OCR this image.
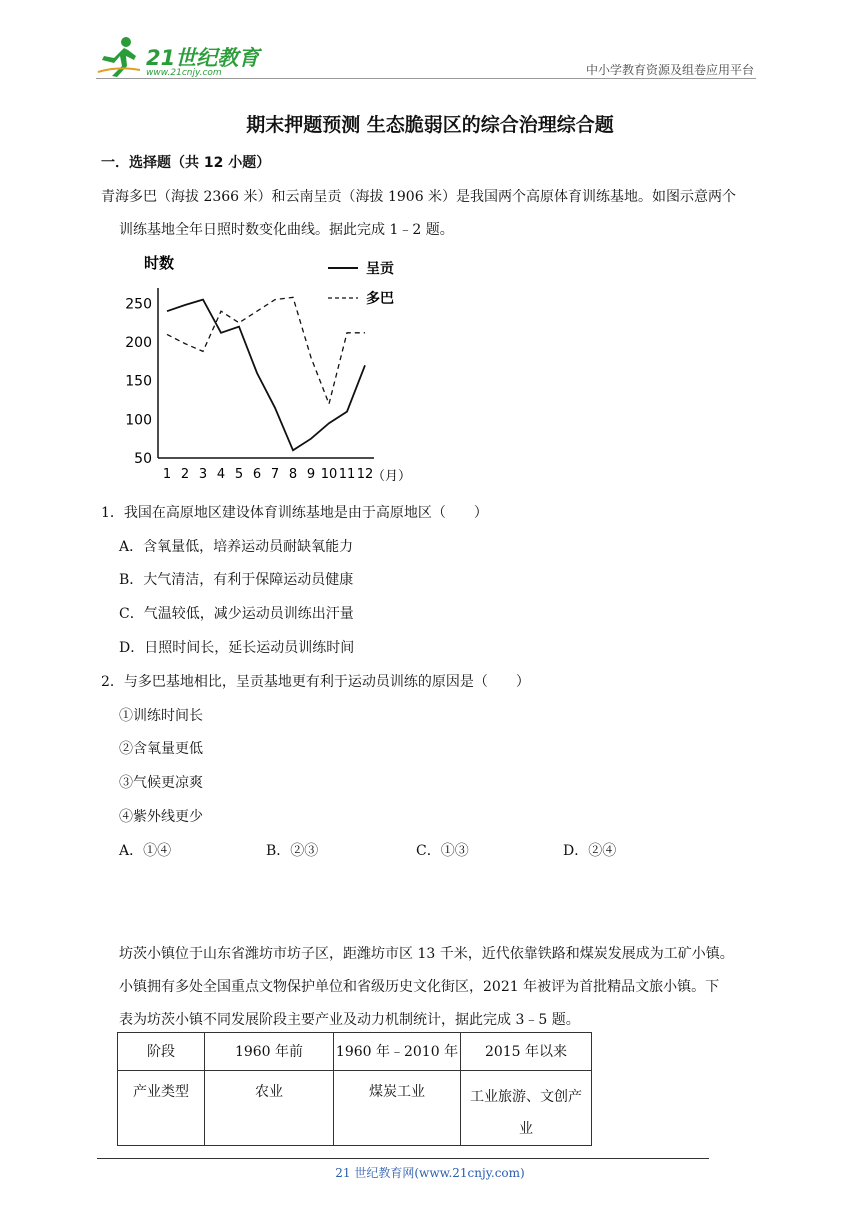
21世纪教育
www.21cnjy.com	中小学教育资源及组卷应用平台
期末押题预测 生态脆弱区的综合治理综合题
一．选择题（共 12 小题）
青海多巴（海拔 2366 米）和云南呈贡（海拔 1906 米）是我国两个高原体育训练基地。如图示意两个
训练基地全年日照时数变化曲线。据此完成 1﹣2 题。
时数
250
200
150
100
50
1 2 3 4 5 6 7 8 9 10 11 12
呈贡
多巴
（月）
1．我国在高原地区建设体育训练基地是由于高原地区（　　）
A．含氧量低，培养运动员耐缺氧能力
B．大气清洁，有利于保障运动员健康
C．气温较低，减少运动员训练出汗量
D．日照时间长，延长运动员训练时间
2．与多巴基地相比，呈贡基地更有利于运动员训练的原因是（　　）
①训练时间长
②含氧量更低
③气候更凉爽
④紫外线更少
A．①④	B．②③	C．①③	D．②④
坊茨小镇位于山东省潍坊市坊子区，距潍坊市区 13 千米，近代依靠铁路和煤炭发展成为工矿小镇。
小镇拥有多处全国重点文物保护单位和省级历史文化街区，2021 年被评为首批精品文旅小镇。下
表为坊茨小镇不同发展阶段主要产业及动力机制统计，据此完成 3﹣5 题。
阶段	1960 年前	1960 年﹣2010 年	2015 年以来
产业类型	农业	煤炭工业	工业旅游、文创产
业
21 世纪教育网(www.21cnjy.com)
